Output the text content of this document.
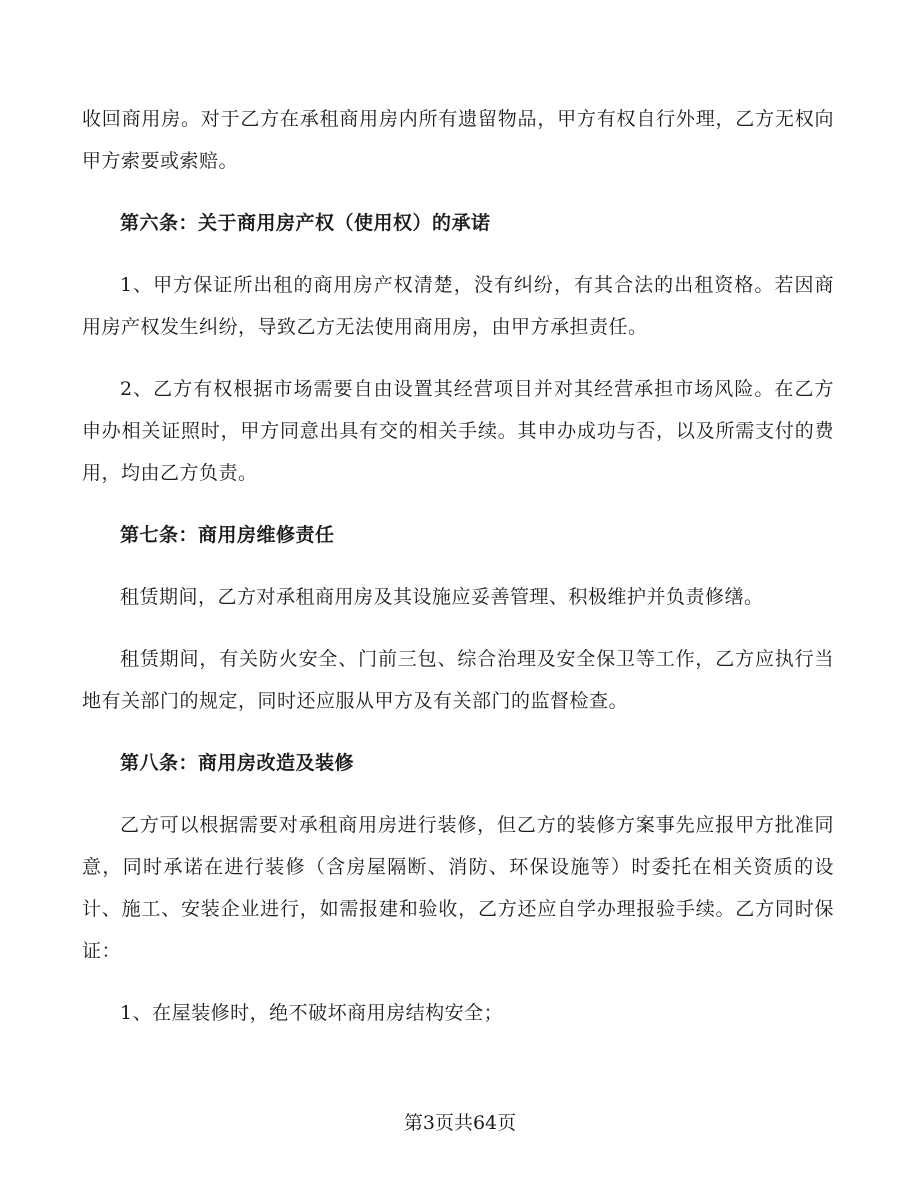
收回商用房。对于乙方在承租商用房内所有遗留物品，甲方有权自行外理，乙方无权向甲方索要或索赔。

第六条：关于商用房产权（使用权）的承诺

1、甲方保证所出租的商用房产权清楚，没有纠纷，有其合法的出租资格。若因商用房产权发生纠纷，导致乙方无法使用商用房，由甲方承担责任。

2、乙方有权根据市场需要自由设置其经营项目并对其经营承担市场风险。在乙方申办相关证照时，甲方同意出具有交的相关手续。其申办成功与否，以及所需支付的费用，均由乙方负责。

第七条：商用房维修责任

租赁期间，乙方对承租商用房及其设施应妥善管理、积极维护并负责修缮。

租赁期间，有关防火安全、门前三包、综合治理及安全保卫等工作，乙方应执行当地有关部门的规定，同时还应服从甲方及有关部门的监督检查。

第八条：商用房改造及装修

乙方可以根据需要对承租商用房进行装修，但乙方的装修方案事先应报甲方批准同意，同时承诺在进行装修（含房屋隔断、消防、环保设施等）时委托在相关资质的设计、施工、安装企业进行，如需报建和验收，乙方还应自学办理报验手续。乙方同时保证：

1、在屋装修时，绝不破坏商用房结构安全；

第3页共64页
